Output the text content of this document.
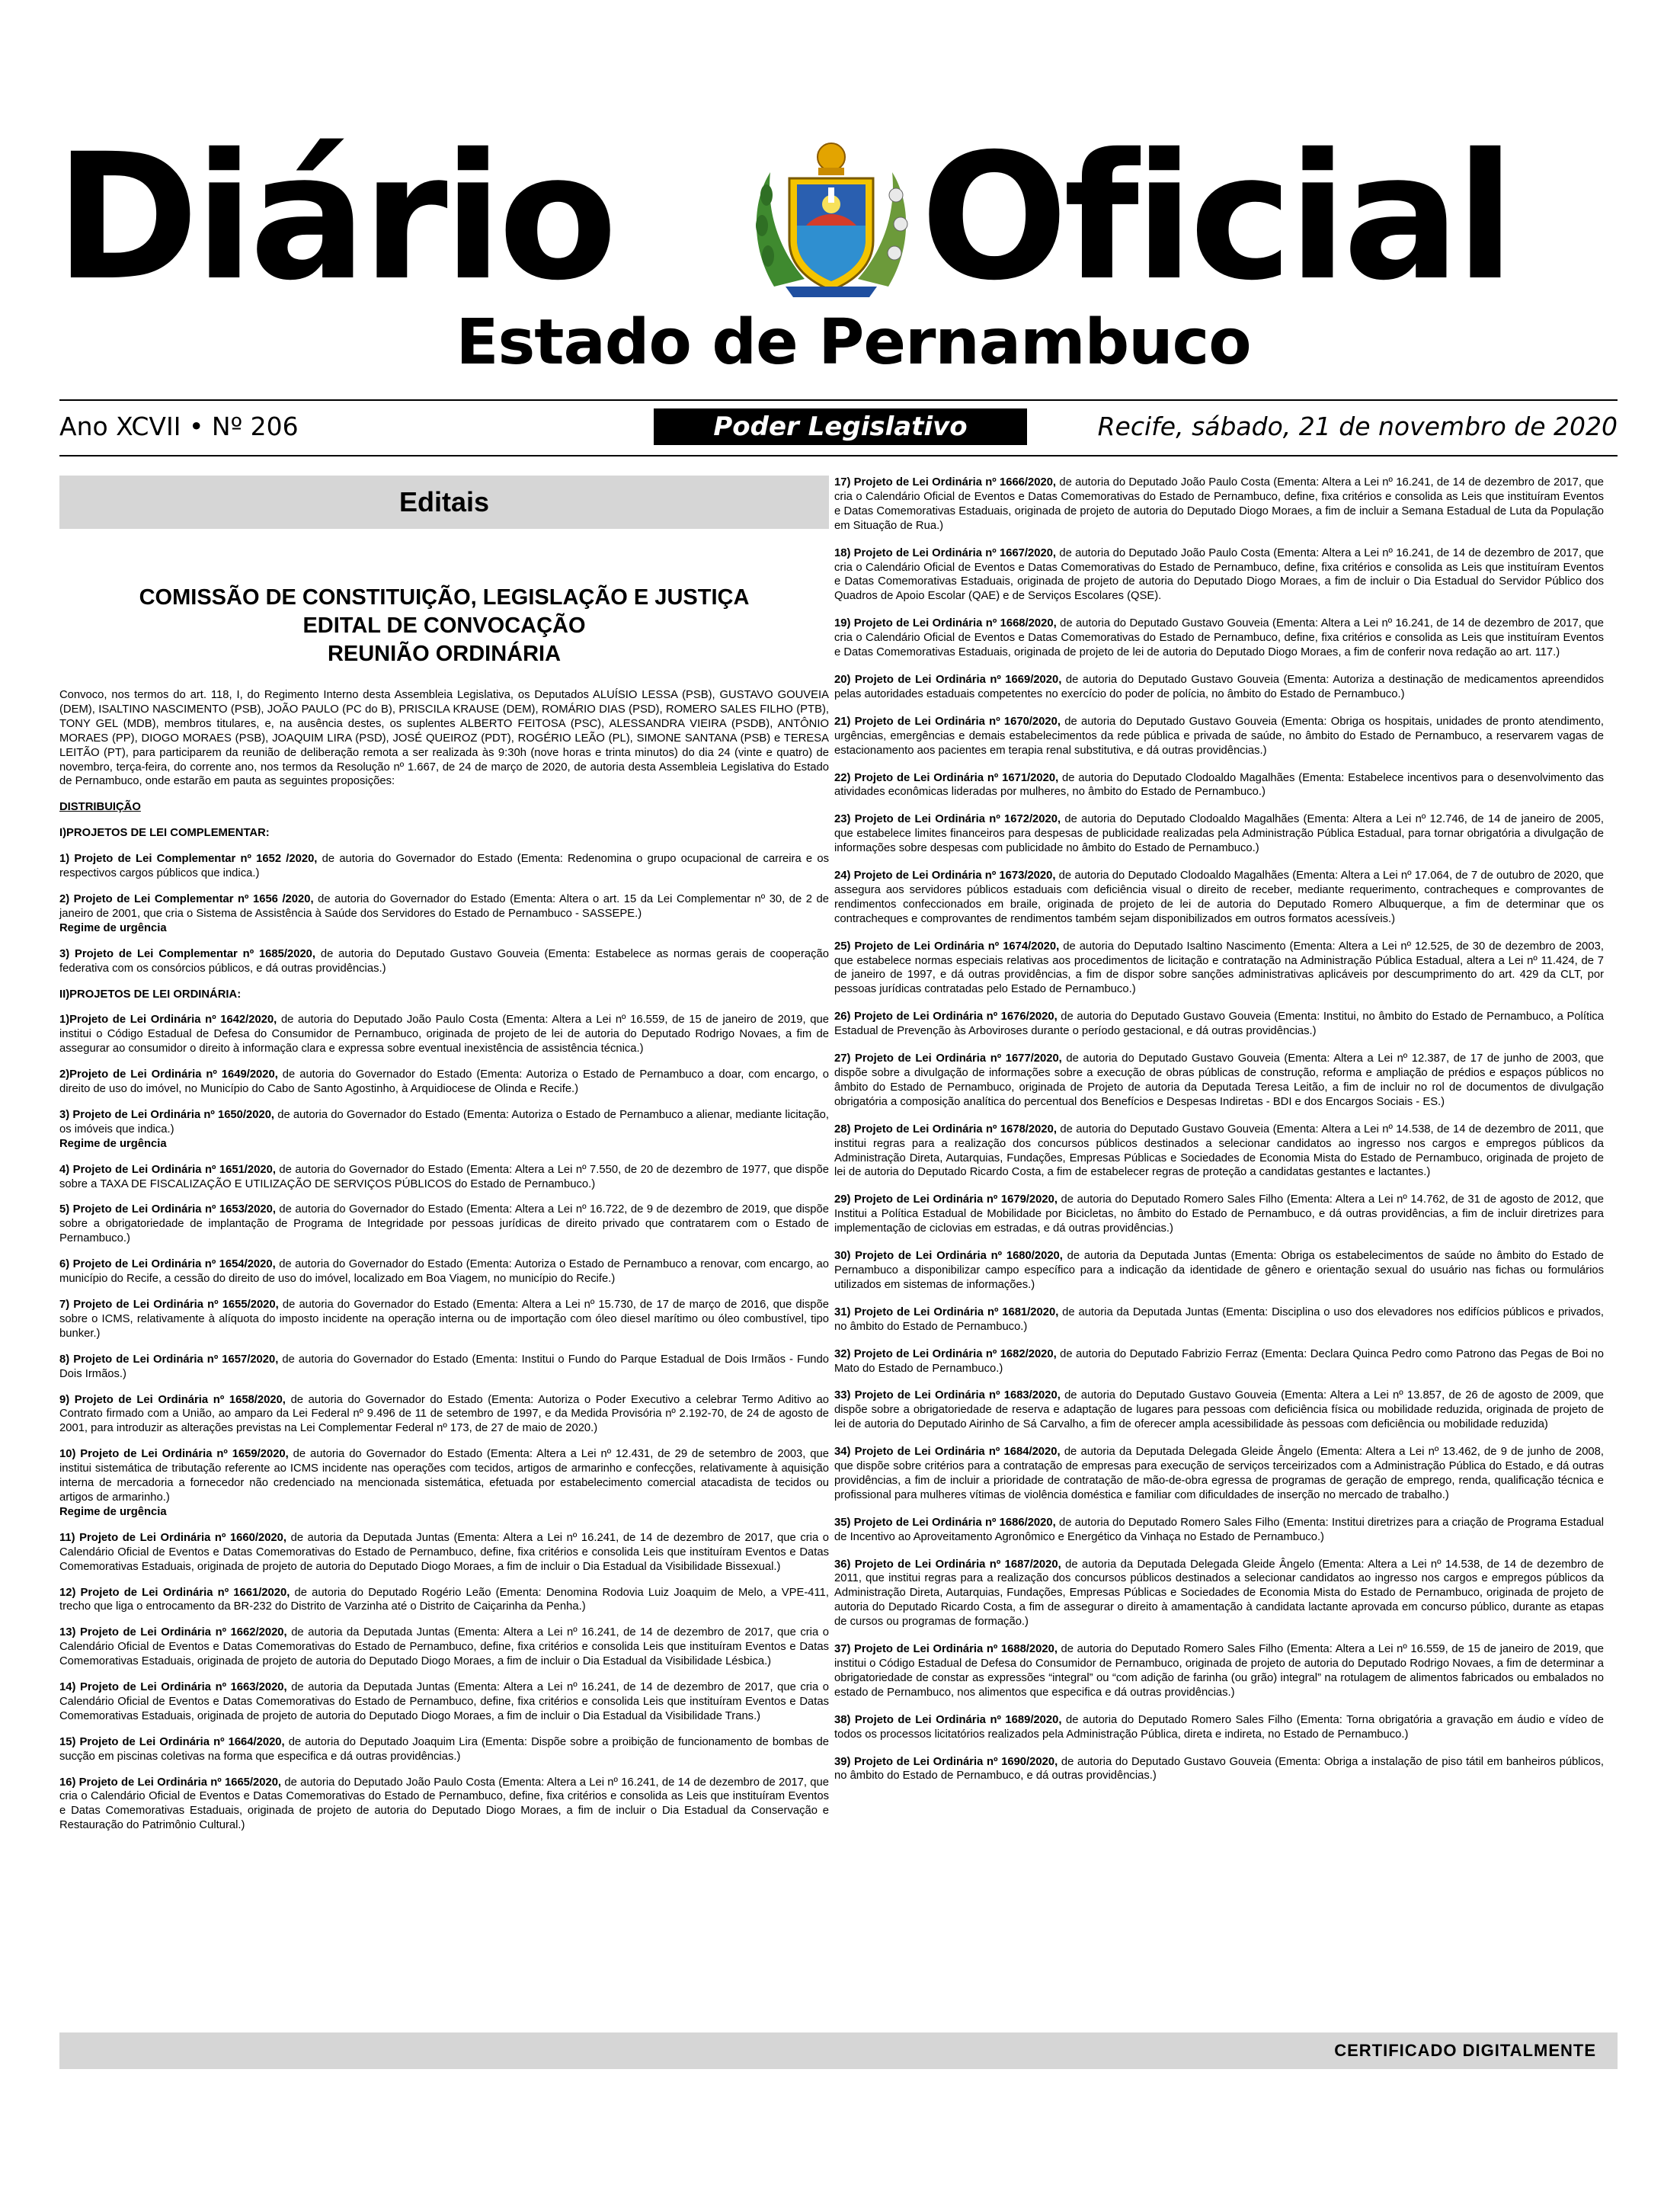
Diário Oficial
Estado de Pernambuco
Ano XCVII • Nº 206	Poder Legislativo	Recife, sábado, 21 de novembro de 2020
Editais
COMISSÃO DE CONSTITUIÇÃO, LEGISLAÇÃO E JUSTIÇA
EDITAL DE CONVOCAÇÃO
REUNIÃO ORDINÁRIA

Convoco, nos termos do art. 118, I, do Regimento Interno desta Assembleia Legislativa, os Deputados ALUÍSIO LESSA (PSB), GUSTAVO GOUVEIA (DEM), ISALTINO NASCIMENTO (PSB), JOÃO PAULO (PC do B), PRISCILA KRAUSE (DEM), ROMÁRIO DIAS (PSD), ROMERO SALES FILHO (PTB), TONY GEL (MDB), membros titulares, e, na ausência destes, os suplentes ALBERTO FEITOSA (PSC), ALESSANDRA VIEIRA (PSDB), ANTÔNIO MORAES (PP), DIOGO MORAES (PSB), JOAQUIM LIRA (PSD), JOSÉ QUEIROZ (PDT), ROGÉRIO LEÃO (PL), SIMONE SANTANA (PSB) e TERESA LEITÃO (PT), para participarem da reunião de deliberação remota a ser realizada às 9:30h (nove horas e trinta minutos) do dia 24 (vinte e quatro) de novembro, terça-feira, do corrente ano, nos termos da Resolução nº 1.667, de 24 de março de 2020, de autoria desta Assembleia Legislativa do Estado de Pernambuco, onde estarão em pauta as seguintes proposições:

DISTRIBUIÇÃO

I)PROJETOS DE LEI COMPLEMENTAR:

1) Projeto de Lei Complementar nº 1652 /2020, de autoria do Governador do Estado (Ementa: Redenomina o grupo ocupacional de carreira e os respectivos cargos públicos que indica.)

2) Projeto de Lei Complementar nº 1656 /2020, de autoria do Governador do Estado (Ementa: Altera o art. 15 da Lei Complementar nº 30, de 2 de janeiro de 2001, que cria o Sistema de Assistência à Saúde dos Servidores do Estado de Pernambuco - SASSEPE.)
Regime de urgência

3) Projeto de Lei Complementar nº 1685/2020, de autoria do Deputado Gustavo Gouveia (Ementa: Estabelece as normas gerais de cooperação federativa com os consórcios públicos, e dá outras providências.)

II)PROJETOS DE LEI ORDINÁRIA:

1)Projeto de Lei Ordinária nº 1642/2020, de autoria do Deputado João Paulo Costa (Ementa: Altera a Lei nº 16.559, de 15 de janeiro de 2019, que institui o Código Estadual de Defesa do Consumidor de Pernambuco, originada de projeto de lei de autoria do Deputado Rodrigo Novaes, a fim de assegurar ao consumidor o direito à informação clara e expressa sobre eventual inexistência de assistência técnica.)

2)Projeto de Lei Ordinária nº 1649/2020, de autoria do Governador do Estado (Ementa: Autoriza o Estado de Pernambuco a doar, com encargo, o direito de uso do imóvel, no Município do Cabo de Santo Agostinho, à Arquidiocese de Olinda e Recife.)

3) Projeto de Lei Ordinária nº 1650/2020, de autoria do Governador do Estado (Ementa: Autoriza o Estado de Pernambuco a alienar, mediante licitação, os imóveis que indica.)
Regime de urgência

4) Projeto de Lei Ordinária nº 1651/2020, de autoria do Governador do Estado (Ementa: Altera a Lei nº 7.550, de 20 de dezembro de 1977, que dispõe sobre a TAXA DE FISCALIZAÇÃO E UTILIZAÇÃO DE SERVIÇOS PÚBLICOS do Estado de Pernambuco.)

5) Projeto de Lei Ordinária nº 1653/2020, de autoria do Governador do Estado (Ementa: Altera a Lei nº 16.722, de 9 de dezembro de 2019, que dispõe sobre a obrigatoriedade de implantação de Programa de Integridade por pessoas jurídicas de direito privado que contratarem com o Estado de Pernambuco.)

6) Projeto de Lei Ordinária nº 1654/2020, de autoria do Governador do Estado (Ementa: Autoriza o Estado de Pernambuco a renovar, com encargo, ao município do Recife, a cessão do direito de uso do imóvel, localizado em Boa Viagem, no município do Recife.)

7) Projeto de Lei Ordinária nº 1655/2020, de autoria do Governador do Estado (Ementa: Altera a Lei nº 15.730, de 17 de março de 2016, que dispõe sobre o ICMS, relativamente à alíquota do imposto incidente na operação interna ou de importação com óleo diesel marítimo ou óleo combustível, tipo bunker.)

8) Projeto de Lei Ordinária nº 1657/2020, de autoria do Governador do Estado (Ementa: Institui o Fundo do Parque Estadual de Dois Irmãos - Fundo Dois Irmãos.)

9) Projeto de Lei Ordinária nº 1658/2020, de autoria do Governador do Estado (Ementa: Autoriza o Poder Executivo a celebrar Termo Aditivo ao Contrato firmado com a União, ao amparo da Lei Federal nº 9.496 de 11 de setembro de 1997, e da Medida Provisória nº 2.192-70, de 24 de agosto de 2001, para introduzir as alterações previstas na Lei Complementar Federal nº 173, de 27 de maio de 2020.)

10) Projeto de Lei Ordinária nº 1659/2020, de autoria do Governador do Estado (Ementa: Altera a Lei nº 12.431, de 29 de setembro de 2003, que institui sistemática de tributação referente ao ICMS incidente nas operações com tecidos, artigos de armarinho e confecções, relativamente à aquisição interna de mercadoria a fornecedor não credenciado na mencionada sistemática, efetuada por estabelecimento comercial atacadista de tecidos ou artigos de armarinho.)
Regime de urgência

11) Projeto de Lei Ordinária nº 1660/2020, de autoria da Deputada Juntas (Ementa: Altera a Lei nº 16.241, de 14 de dezembro de 2017, que cria o Calendário Oficial de Eventos e Datas Comemorativas do Estado de Pernambuco, define, fixa critérios e consolida Leis que instituíram Eventos e Datas Comemorativas Estaduais, originada de projeto de autoria do Deputado Diogo Moraes, a fim de incluir o Dia Estadual da Visibilidade Bissexual.)

12) Projeto de Lei Ordinária nº 1661/2020, de autoria do Deputado Rogério Leão (Ementa: Denomina Rodovia Luiz Joaquim de Melo, a VPE-411, trecho que liga o entrocamento da BR-232 do Distrito de Varzinha até o Distrito de Caiçarinha da Penha.)

13) Projeto de Lei Ordinária nº 1662/2020, de autoria da Deputada Juntas (Ementa: Altera a Lei nº 16.241, de 14 de dezembro de 2017, que cria o Calendário Oficial de Eventos e Datas Comemorativas do Estado de Pernambuco, define, fixa critérios e consolida Leis que instituíram Eventos e Datas Comemorativas Estaduais, originada de projeto de autoria do Deputado Diogo Moraes, a fim de incluir o Dia Estadual da Visibilidade Lésbica.)

14) Projeto de Lei Ordinária nº 1663/2020, de autoria da Deputada Juntas (Ementa: Altera a Lei nº 16.241, de 14 de dezembro de 2017, que cria o Calendário Oficial de Eventos e Datas Comemorativas do Estado de Pernambuco, define, fixa critérios e consolida Leis que instituíram Eventos e Datas Comemorativas Estaduais, originada de projeto de autoria do Deputado Diogo Moraes, a fim de incluir o Dia Estadual da Visibilidade Trans.)

15) Projeto de Lei Ordinária nº 1664/2020, de autoria do Deputado Joaquim Lira (Ementa: Dispõe sobre a proibição de funcionamento de bombas de sucção em piscinas coletivas na forma que especifica e dá outras providências.)

16) Projeto de Lei Ordinária nº 1665/2020, de autoria do Deputado João Paulo Costa (Ementa: Altera a Lei nº 16.241, de 14 de dezembro de 2017, que cria o Calendário Oficial de Eventos e Datas Comemorativas do Estado de Pernambuco, define, fixa critérios e consolida as Leis que instituíram Eventos e Datas Comemorativas Estaduais, originada de projeto de autoria do Deputado Diogo Moraes, a fim de incluir o Dia Estadual da Conservação e Restauração do Patrimônio Cultural.)

17) Projeto de Lei Ordinária nº 1666/2020, de autoria do Deputado João Paulo Costa (Ementa: Altera a Lei nº 16.241, de 14 de dezembro de 2017, que cria o Calendário Oficial de Eventos e Datas Comemorativas do Estado de Pernambuco, define, fixa critérios e consolida as Leis que instituíram Eventos e Datas Comemorativas Estaduais, originada de projeto de autoria do Deputado Diogo Moraes, a fim de incluir a Semana Estadual de Luta da População em Situação de Rua.)

18) Projeto de Lei Ordinária nº 1667/2020, de autoria do Deputado João Paulo Costa (Ementa: Altera a Lei nº 16.241, de 14 de dezembro de 2017, que cria o Calendário Oficial de Eventos e Datas Comemorativas do Estado de Pernambuco, define, fixa critérios e consolida as Leis que instituíram Eventos e Datas Comemorativas Estaduais, originada de projeto de autoria do Deputado Diogo Moraes, a fim de incluir o Dia Estadual do Servidor Público dos Quadros de Apoio Escolar (QAE) e de Serviços Escolares (QSE).

19) Projeto de Lei Ordinária nº 1668/2020, de autoria do Deputado Gustavo Gouveia (Ementa: Altera a Lei nº 16.241, de 14 de dezembro de 2017, que cria o Calendário Oficial de Eventos e Datas Comemorativas do Estado de Pernambuco, define, fixa critérios e consolida as Leis que instituíram Eventos e Datas Comemorativas Estaduais, originada de projeto de lei de autoria do Deputado Diogo Moraes, a fim de conferir nova redação ao art. 117.)

20) Projeto de Lei Ordinária nº 1669/2020, de autoria do Deputado Gustavo Gouveia (Ementa: Autoriza a destinação de medicamentos apreendidos pelas autoridades estaduais competentes no exercício do poder de polícia, no âmbito do Estado de Pernambuco.)

21) Projeto de Lei Ordinária nº 1670/2020, de autoria do Deputado Gustavo Gouveia (Ementa: Obriga os hospitais, unidades de pronto atendimento, urgências, emergências e demais estabelecimentos da rede pública e privada de saúde, no âmbito do Estado de Pernambuco, a reservarem vagas de estacionamento aos pacientes em terapia renal substitutiva, e dá outras providências.)

22) Projeto de Lei Ordinária nº 1671/2020, de autoria do Deputado Clodoaldo Magalhães (Ementa: Estabelece incentivos para o desenvolvimento das atividades econômicas lideradas por mulheres, no âmbito do Estado de Pernambuco.)

23) Projeto de Lei Ordinária nº 1672/2020, de autoria do Deputado Clodoaldo Magalhães (Ementa: Altera a Lei nº 12.746, de 14 de janeiro de 2005, que estabelece limites financeiros para despesas de publicidade realizadas pela Administração Pública Estadual, para tornar obrigatória a divulgação de informações sobre despesas com publicidade no âmbito do Estado de Pernambuco.)

24) Projeto de Lei Ordinária nº 1673/2020, de autoria do Deputado Clodoaldo Magalhães (Ementa: Altera a Lei nº 17.064, de 7 de outubro de 2020, que assegura aos servidores públicos estaduais com deficiência visual o direito de receber, mediante requerimento, contracheques e comprovantes de rendimentos confeccionados em braile, originada de projeto de lei de autoria do Deputado Romero Albuquerque, a fim de determinar que os contracheques e comprovantes de rendimentos também sejam disponibilizados em outros formatos acessíveis.)

25) Projeto de Lei Ordinária nº 1674/2020, de autoria do Deputado Isaltino Nascimento (Ementa: Altera a Lei nº 12.525, de 30 de dezembro de 2003, que estabelece normas especiais relativas aos procedimentos de licitação e contratação na Administração Pública Estadual, altera a Lei nº 11.424, de 7 de janeiro de 1997, e dá outras providências, a fim de dispor sobre sanções administrativas aplicáveis por descumprimento do art. 429 da CLT, por pessoas jurídicas contratadas pelo Estado de Pernambuco.)

26) Projeto de Lei Ordinária nº 1676/2020, de autoria do Deputado Gustavo Gouveia (Ementa: Institui, no âmbito do Estado de Pernambuco, a Política Estadual de Prevenção às Arboviroses durante o período gestacional, e dá outras providências.)

27) Projeto de Lei Ordinária nº 1677/2020, de autoria do Deputado Gustavo Gouveia (Ementa: Altera a Lei nº 12.387, de 17 de junho de 2003, que dispõe sobre a divulgação de informações sobre a execução de obras públicas de construção, reforma e ampliação de prédios e espaços públicos no âmbito do Estado de Pernambuco, originada de Projeto de autoria da Deputada Teresa Leitão, a fim de incluir no rol de documentos de divulgação obrigatória a composição analítica do percentual dos Benefícios e Despesas Indiretas - BDI e dos Encargos Sociais - ES.)

28) Projeto de Lei Ordinária nº 1678/2020, de autoria do Deputado Gustavo Gouveia (Ementa: Altera a Lei nº 14.538, de 14 de dezembro de 2011, que institui regras para a realização dos concursos públicos destinados a selecionar candidatos ao ingresso nos cargos e empregos públicos da Administração Direta, Autarquias, Fundações, Empresas Públicas e Sociedades de Economia Mista do Estado de Pernambuco, originada de projeto de lei de autoria do Deputado Ricardo Costa, a fim de estabelecer regras de proteção a candidatas gestantes e lactantes.)

29) Projeto de Lei Ordinária nº 1679/2020, de autoria do Deputado Romero Sales Filho (Ementa: Altera a Lei nº 14.762, de 31 de agosto de 2012, que Institui a Política Estadual de Mobilidade por Bicicletas, no âmbito do Estado de Pernambuco, e dá outras providências, a fim de incluir diretrizes para implementação de ciclovias em estradas, e dá outras providências.)

30) Projeto de Lei Ordinária nº 1680/2020, de autoria da Deputada Juntas (Ementa: Obriga os estabelecimentos de saúde no âmbito do Estado de Pernambuco a disponibilizar campo específico para a indicação da identidade de gênero e orientação sexual do usuário nas fichas ou formulários utilizados em sistemas de informações.)

31) Projeto de Lei Ordinária nº 1681/2020, de autoria da Deputada Juntas (Ementa: Disciplina o uso dos elevadores nos edifícios públicos e privados, no âmbito do Estado de Pernambuco.)

32) Projeto de Lei Ordinária nº 1682/2020, de autoria do Deputado Fabrizio Ferraz (Ementa: Declara Quinca Pedro como Patrono das Pegas de Boi no Mato do Estado de Pernambuco.)

33) Projeto de Lei Ordinária nº 1683/2020, de autoria do Deputado Gustavo Gouveia (Ementa: Altera a Lei nº 13.857, de 26 de agosto de 2009, que dispõe sobre a obrigatoriedade de reserva e adaptação de lugares para pessoas com deficiência física ou mobilidade reduzida, originada de projeto de lei de autoria do Deputado Airinho de Sá Carvalho, a fim de oferecer ampla acessibilidade às pessoas com deficiência ou mobilidade reduzida)

34) Projeto de Lei Ordinária nº 1684/2020, de autoria da Deputada Delegada Gleide Ângelo (Ementa: Altera a Lei nº 13.462, de 9 de junho de 2008, que dispõe sobre critérios para a contratação de empresas para execução de serviços terceirizados com a Administração Pública do Estado, e dá outras providências, a fim de incluir a prioridade de contratação de mão-de-obra egressa de programas de geração de emprego, renda, qualificação técnica e profissional para mulheres vítimas de violência doméstica e familiar com dificuldades de inserção no mercado de trabalho.)

35) Projeto de Lei Ordinária nº 1686/2020, de autoria do Deputado Romero Sales Filho (Ementa: Institui diretrizes para a criação de Programa Estadual de Incentivo ao Aproveitamento Agronômico e Energético da Vinhaça no Estado de Pernambuco.)

36) Projeto de Lei Ordinária nº 1687/2020, de autoria da Deputada Delegada Gleide Ângelo (Ementa: Altera a Lei nº 14.538, de 14 de dezembro de 2011, que institui regras para a realização dos concursos públicos destinados a selecionar candidatos ao ingresso nos cargos e empregos públicos da Administração Direta, Autarquias, Fundações, Empresas Públicas e Sociedades de Economia Mista do Estado de Pernambuco, originada de projeto de autoria do Deputado Ricardo Costa, a fim de assegurar o direito à amamentação à candidata lactante aprovada em concurso público, durante as etapas de cursos ou programas de formação.)

37) Projeto de Lei Ordinária nº 1688/2020, de autoria do Deputado Romero Sales Filho (Ementa: Altera a Lei nº 16.559, de 15 de janeiro de 2019, que institui o Código Estadual de Defesa do Consumidor de Pernambuco, originada de projeto de autoria do Deputado Rodrigo Novaes, a fim de determinar a obrigatoriedade de constar as expressões “integral” ou “com adição de farinha (ou grão) integral” na rotulagem de alimentos fabricados ou embalados no estado de Pernambuco, nos alimentos que especifica e dá outras providências.)

38) Projeto de Lei Ordinária nº 1689/2020, de autoria do Deputado Romero Sales Filho (Ementa: Torna obrigatória a gravação em áudio e vídeo de todos os processos licitatórios realizados pela Administração Pública, direta e indireta, no Estado de Pernambuco.)

39) Projeto de Lei Ordinária nº 1690/2020, de autoria do Deputado Gustavo Gouveia (Ementa: Obriga a instalação de piso tátil em banheiros públicos, no âmbito do Estado de Pernambuco, e dá outras providências.)

CERTIFICADO DIGITALMENTE
